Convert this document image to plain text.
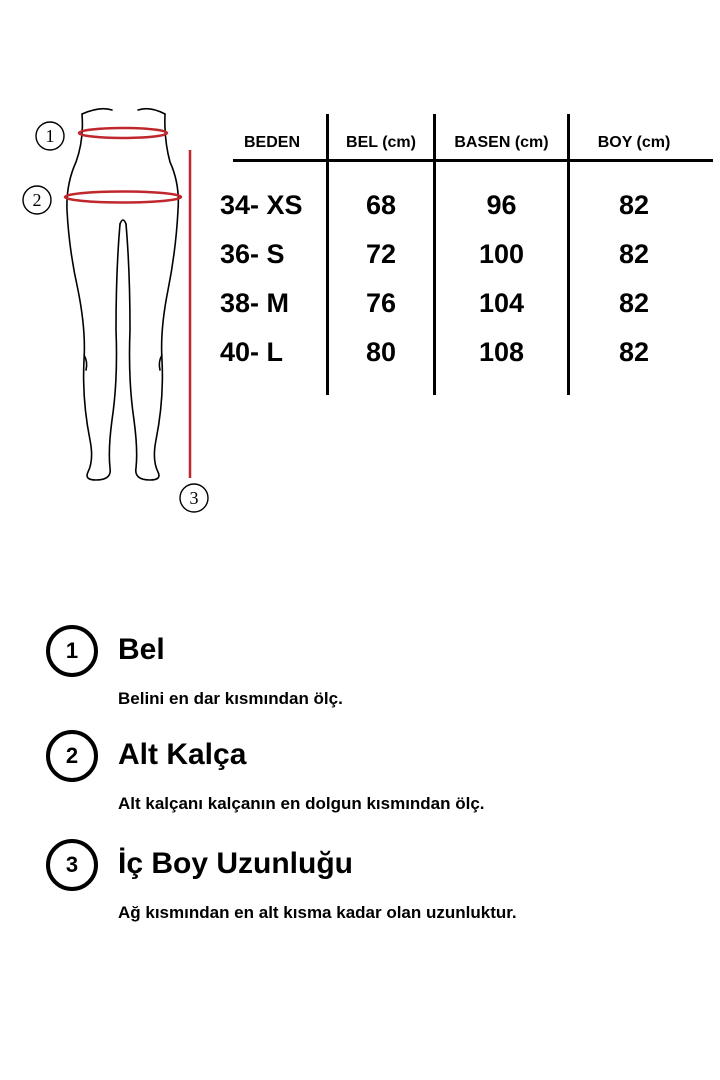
1
2
3
BEDEN	BEL (cm)	BASEN (cm)	BOY (cm)
34- XS	68	96	82
36- S	72	100	82
38- M	76	104	82
40- L	80	108	82
1	Bel
Belini en dar kısmından ölç.
2	Alt Kalça
Alt kalçanı kalçanın en dolgun kısmından ölç.
3	İç Boy Uzunluğu
Ağ kısmından en alt kısma kadar olan uzunluktur.
